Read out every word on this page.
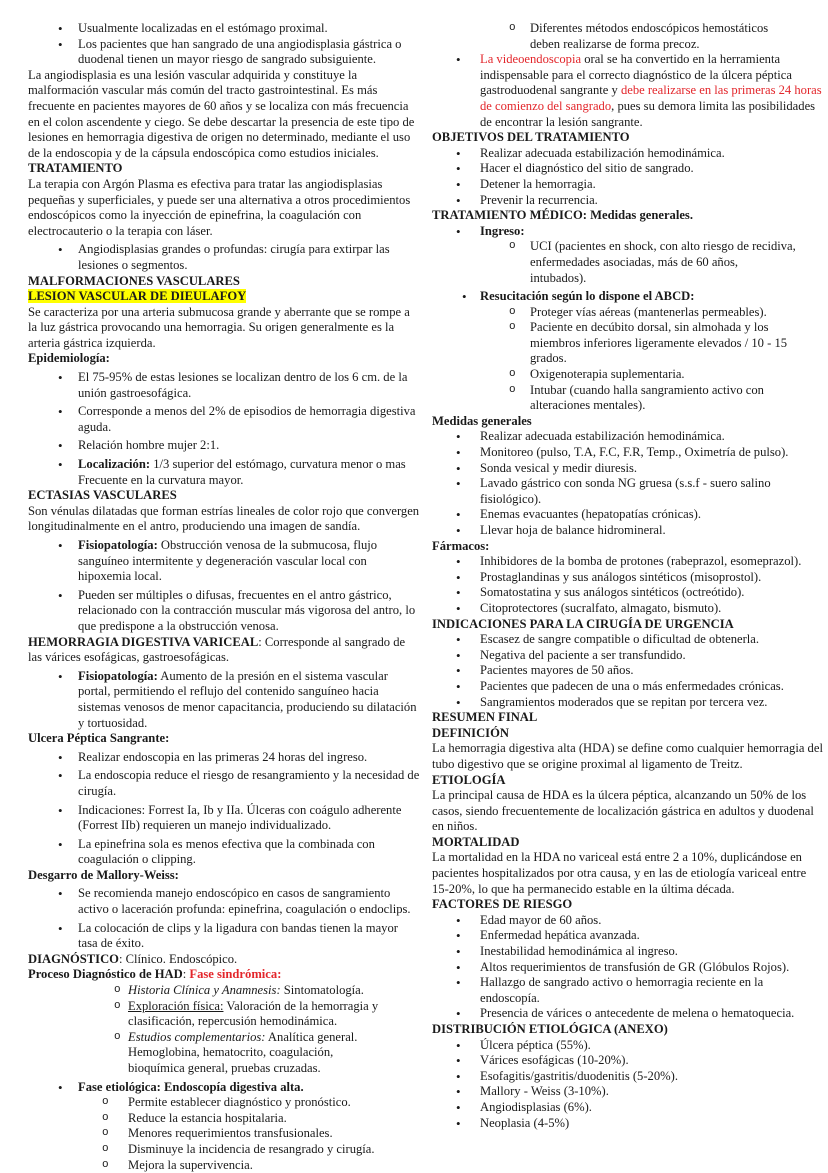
• Usualmente localizadas en el estómago proximal.
• Los pacientes que han sangrado de una angiodisplasia gástrica o duodenal tienen un mayor riesgo de sangrado subsiguiente.
La angiodisplasia es una lesión vascular adquirida y constituye la malformación vascular más común del tracto gastrointestinal. Es más frecuente en pacientes mayores de 60 años y se localiza con más frecuencia en el colon ascendente y ciego. Se debe descartar la presencia de este tipo de lesiones en hemorragia digestiva de origen no determinado, mediante el uso de la endoscopia y de la cápsula endoscópica como estudios iniciales.
TRATAMIENTO
La terapia con Argón Plasma es efectiva para tratar las angiodisplasias pequeñas y superficiales, y puede ser una alternativa a otros procedimientos endoscópicos como la inyección de epinefrina, la coagulación con electrocauterio o la terapia con láser.
• Angiodisplasias grandes o profundas: cirugía para extirpar las lesiones o segmentos.
MALFORMACIONES VASCULARES
LESION VASCULAR DE DIEULAFOY
Se caracteriza por una arteria submucosa grande y aberrante que se rompe a la luz gástrica provocando una hemorragia. Su origen generalmente es la arteria gástrica izquierda.
Epidemiología:
• El 75-95% de estas lesiones se localizan dentro de los 6 cm. de la unión gastroesofágica.
• Corresponde a menos del 2% de episodios de hemorragia digestiva aguda.
• Relación hombre mujer 2:1.
• Localización: 1/3 superior del estómago, curvatura menor o mas Frecuente en la curvatura mayor.
ECTASIAS VASCULARES
Son vénulas dilatadas que forman estrías lineales de color rojo que convergen longitudinalmente en el antro, produciendo una imagen de sandía.
• Fisiopatología: Obstrucción venosa de la submucosa, flujo sanguíneo intermitente y degeneración vascular local con hipoxemia local.
• Pueden ser múltiples o difusas, frecuentes en el antro gástrico, relacionado con la contracción muscular más vigorosa del antro, lo que predispone a la obstrucción venosa.
HEMORRAGIA DIGESTIVA VARICEAL: Corresponde al sangrado de las várices esofágicas, gastroesofágicas.
• Fisiopatología: Aumento de la presión en el sistema vascular portal, permitiendo el reflujo del contenido sanguíneo hacia sistemas venosos de menor capacitancia, produciendo su dilatación y tortuosidad.
Ulcera Péptica Sangrante:
• Realizar endoscopia en las primeras 24 horas del ingreso.
• La endoscopia reduce el riesgo de resangramiento y la necesidad de cirugía.
• Indicaciones: Forrest Ia, Ib y IIa. Úlceras con coágulo adherente (Forrest IIb) requieren un manejo individualizado.
• La epinefrina sola es menos efectiva que la combinada con coagulación o clipping.
Desgarro de Mallory-Weiss:
• Se recomienda manejo endoscópico en casos de sangramiento activo o laceración profunda: epinefrina, coagulación o endoclips.
• La colocación de clips y la ligadura con bandas tienen la mayor tasa de éxito.
DIAGNÓSTICO: Clínico. Endoscópico.
Proceso Diagnóstico de HAD: Fase sindrómica:
o Historia Clínica y Anamnesis: Sintomatología.
o Exploración física: Valoración de la hemorragia y clasificación, repercusión hemodinámica.
o Estudios complementarios: Analítica general. Hemoglobina, hematocrito, coagulación, bioquímica general, pruebas cruzadas.
• Fase etiológica: Endoscopía digestiva alta.
o Permite establecer diagnóstico y pronóstico.
o Reduce la estancia hospitalaria.
o Menores requerimientos transfusionales.
o Disminuye la incidencia de resangrado y cirugía.
o Mejora la supervivencia.
o Diferentes métodos endoscópicos hemostáticos deben realizarse de forma precoz.
• La videoendoscopia oral se ha convertido en la herramienta indispensable para el correcto diagnóstico de la úlcera péptica gastroduodenal sangrante y debe realizarse en las primeras 24 horas de comienzo del sangrado, pues su demora limita las posibilidades de encontrar la lesión sangrante.
OBJETIVOS DEL TRATAMIENTO
• Realizar adecuada estabilización hemodinámica.
• Hacer el diagnóstico del sitio de sangrado.
• Detener la hemorragia.
• Prevenir la recurrencia.
TRATAMIENTO MÉDICO: Medidas generales.
• Ingreso:
o UCI (pacientes en shock, con alto riesgo de recidiva, enfermedades asociadas, más de 60 años, intubados).
• Resucitación según lo dispone el ABCD:
o Proteger vías aéreas (mantenerlas permeables).
o Paciente en decúbito dorsal, sin almohada y los miembros inferiores ligeramente elevados / 10 - 15 grados.
o Oxigenoterapia suplementaria.
o Intubar (cuando halla sangramiento activo con alteraciones mentales).
Medidas generales
• Realizar adecuada estabilización hemodinámica.
• Monitoreo (pulso, T.A, F.C, F.R, Temp., Oximetría de pulso).
• Sonda vesical y medir diuresis.
• Lavado gástrico con sonda NG gruesa (s.s.f - suero salino fisiológico).
• Enemas evacuantes (hepatopatías crónicas).
• Llevar hoja de balance hidromineral.
Fármacos:
• Inhibidores de la bomba de protones (rabeprazol, esomeprazol).
• Prostaglandinas y sus análogos sintéticos (misoprostol).
• Somatostatina y sus análogos sintéticos (octreótido).
• Citoprotectores (sucralfato, almagato, bismuto).
INDICACIONES PARA LA CIRUGÍA DE URGENCIA
• Escasez de sangre compatible o dificultad de obtenerla.
• Negativa del paciente a ser transfundido.
• Pacientes mayores de 50 años.
• Pacientes que padecen de una o más enfermedades crónicas.
• Sangramientos moderados que se repitan por tercera vez.
RESUMEN FINAL
DEFINICIÓN
La hemorragia digestiva alta (HDA) se define como cualquier hemorragia del tubo digestivo que se origine proximal al ligamento de Treitz.
ETIOLOGÍA
La principal causa de HDA es la úlcera péptica, alcanzando un 50% de los casos, siendo frecuentemente de localización gástrica en adultos y duodenal en niños.
MORTALIDAD
La mortalidad en la HDA no variceal está entre 2 a 10%, duplicándose en pacientes hospitalizados por otra causa, y en las de etiología variceal entre 15-20%, lo que ha permanecido estable en la última década.
FACTORES DE RIESGO
• Edad mayor de 60 años.
• Enfermedad hepática avanzada.
• Inestabilidad hemodinámica al ingreso.
• Altos requerimientos de transfusión de GR (Glóbulos Rojos).
• Hallazgo de sangrado activo o hemorragia reciente en la endoscopía.
• Presencia de várices o antecedente de melena o hematoquecia.
DISTRIBUCIÓN ETIOLÓGICA (ANEXO)
• Úlcera péptica (55%).
• Várices esofágicas (10-20%).
• Esofagitis/gastritis/duodenitis (5-20%).
• Mallory - Weiss (3-10%).
• Angiodisplasias (6%).
• Neoplasia (4-5%)
